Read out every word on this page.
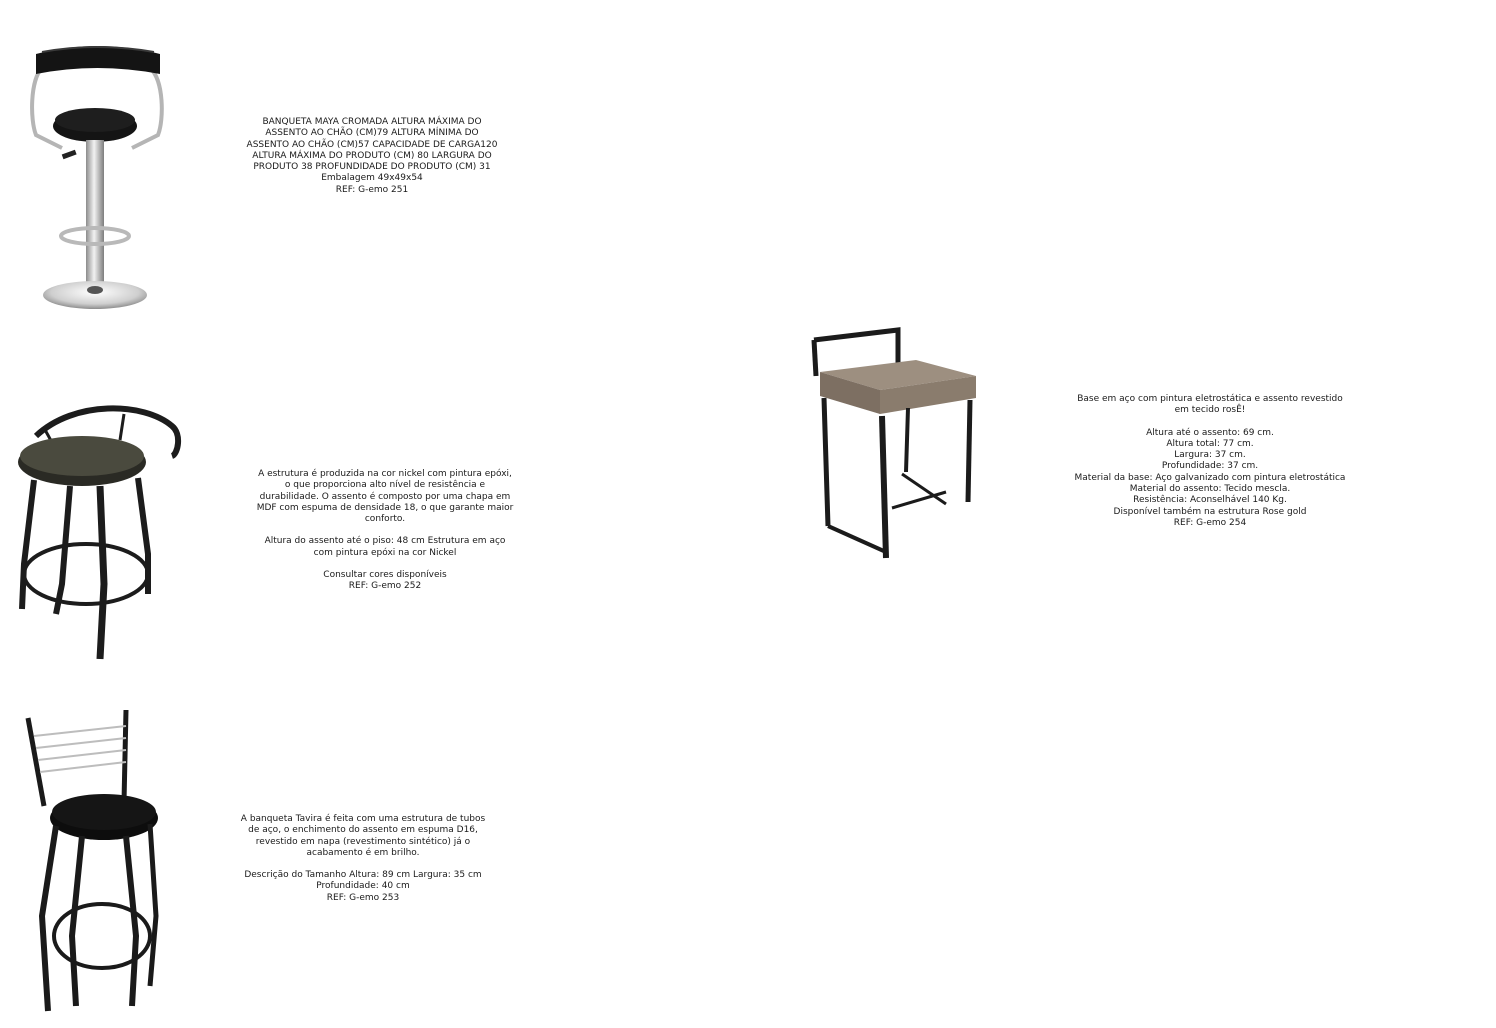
BANQUETA MAYA CROMADA ALTURA MÁXIMA DO ASSENTO AO CHÃO (CM)79 ALTURA MÍNIMA DO ASSENTO AO CHÃO (CM)57 CAPACIDADE DE CARGA120 ALTURA MÁXIMA DO PRODUTO (CM) 80 LARGURA DO PRODUTO 38 PROFUNDIDADE DO PRODUTO (CM) 31 Embalagem 49x49x54

REF: G-emo 251

A estrutura é produzida na cor nickel com pintura epóxi, o que proporciona alto nível de resistência e durabilidade. O assento é composto por uma chapa em MDF com espuma de densidade 18, o que garante maior conforto.

Altura do assento até o piso: 48 cm Estrutura em aço com pintura epóxi na cor Nickel

Consultar cores disponíveis

REF: G-emo 252

A banqueta Tavira é feita com uma estrutura de tubos de aço, o enchimento do assento em espuma D16, revestido em napa (revestimento sintético) já o acabamento é em brilho.

Descrição do Tamanho Altura: 89 cm Largura: 35 cm Profundidade: 40 cm

REF: G-emo 253

Base em aço com pintura eletrostática e assento revestido em tecido rosÊ!

Altura até o assento: 69 cm.

Altura total: 77 cm.

Largura: 37 cm.

Profundidade: 37 cm.

Material da base: Aço galvanizado com pintura eletrostática

Material do assento: Tecido mescla.

Resistência: Aconselhável 140 Kg.

Disponível também na estrutura Rose gold

REF: G-emo 254
